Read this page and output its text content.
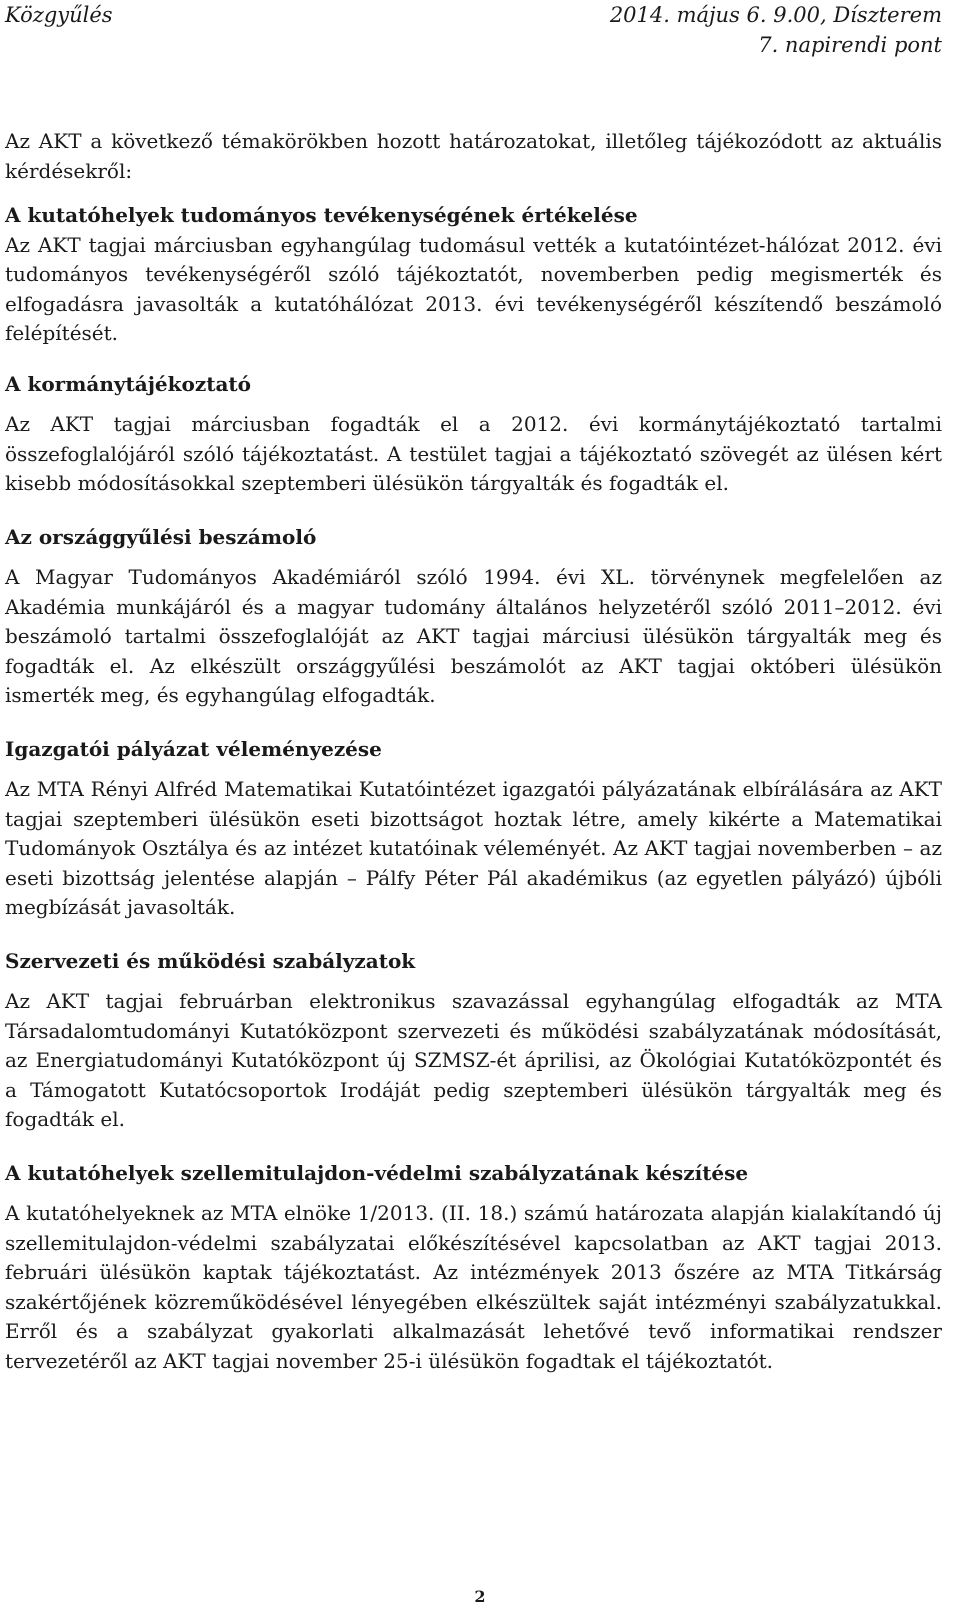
Közgyűlés	2014. május 6. 9.00, Díszterem
7. napirendi pont

Az AKT a következő témakörökben hozott határozatokat, illetőleg tájékozódott az aktuális kérdésekről:

A kutatóhelyek tudományos tevékenységének értékelése

Az AKT tagjai márciusban egyhangúlag tudomásul vették a kutatóintézet-hálózat 2012. évi tudományos tevékenységéről szóló tájékoztatót, novemberben pedig megismerték és elfogadásra javasolták a kutatóhálózat 2013. évi tevékenységéről készítendő beszámoló felépítését.

A kormánytájékoztató

Az AKT tagjai márciusban fogadták el a 2012. évi kormánytájékoztató tartalmi összefoglalójáról szóló tájékoztatást. A testület tagjai a tájékoztató szövegét az ülésen kért kisebb módosításokkal szeptemberi ülésükön tárgyalták és fogadták el.

Az országgyűlési beszámoló

A Magyar Tudományos Akadémiáról szóló 1994. évi XL. törvénynek megfelelően az Akadémia munkájáról és a magyar tudomány általános helyzetéről szóló 2011–2012. évi beszámoló tartalmi összefoglalóját az AKT tagjai márciusi ülésükön tárgyalták meg és fogadták el. Az elkészült országgyűlési beszámolót az AKT tagjai októberi ülésükön ismerték meg, és egyhangúlag elfogadták.

Igazgatói pályázat véleményezése

Az MTA Rényi Alfréd Matematikai Kutatóintézet igazgatói pályázatának elbírálására az AKT tagjai szeptemberi ülésükön eseti bizottságot hoztak létre, amely kikérte a Matematikai Tudományok Osztálya és az intézet kutatóinak véleményét. Az AKT tagjai novemberben – az eseti bizottság jelentése alapján – Pálfy Péter Pál akadémikus (az egyetlen pályázó) újbóli megbízását javasolták.

Szervezeti és működési szabályzatok

Az AKT tagjai februárban elektronikus szavazással egyhangúlag elfogadták az MTA Társadalomtudományi Kutatóközpont szervezeti és működési szabályzatának módosítását, az Energiatudományi Kutatóközpont új SZMSZ-ét áprilisi, az Ökológiai Kutatóközpontét és a Támogatott Kutatócsoportok Irodáját pedig szeptemberi ülésükön tárgyalták meg és fogadták el.

A kutatóhelyek szellemitulajdon-védelmi szabályzatának készítése

A kutatóhelyeknek az MTA elnöke 1/2013. (II. 18.) számú határozata alapján kialakítandó új szellemitulajdon-védelmi szabályzatai előkészítésével kapcsolatban az AKT tagjai 2013. februári ülésükön kaptak tájékoztatást. Az intézmények 2013 őszére az MTA Titkárság szakértőjének közreműködésével lényegében elkészültek saját intézményi szabályzatukkal. Erről és a szabályzat gyakorlati alkalmazását lehetővé tevő informatikai rendszer tervezetéről az AKT tagjai november 25-i ülésükön fogadtak el tájékoztatót.

2
